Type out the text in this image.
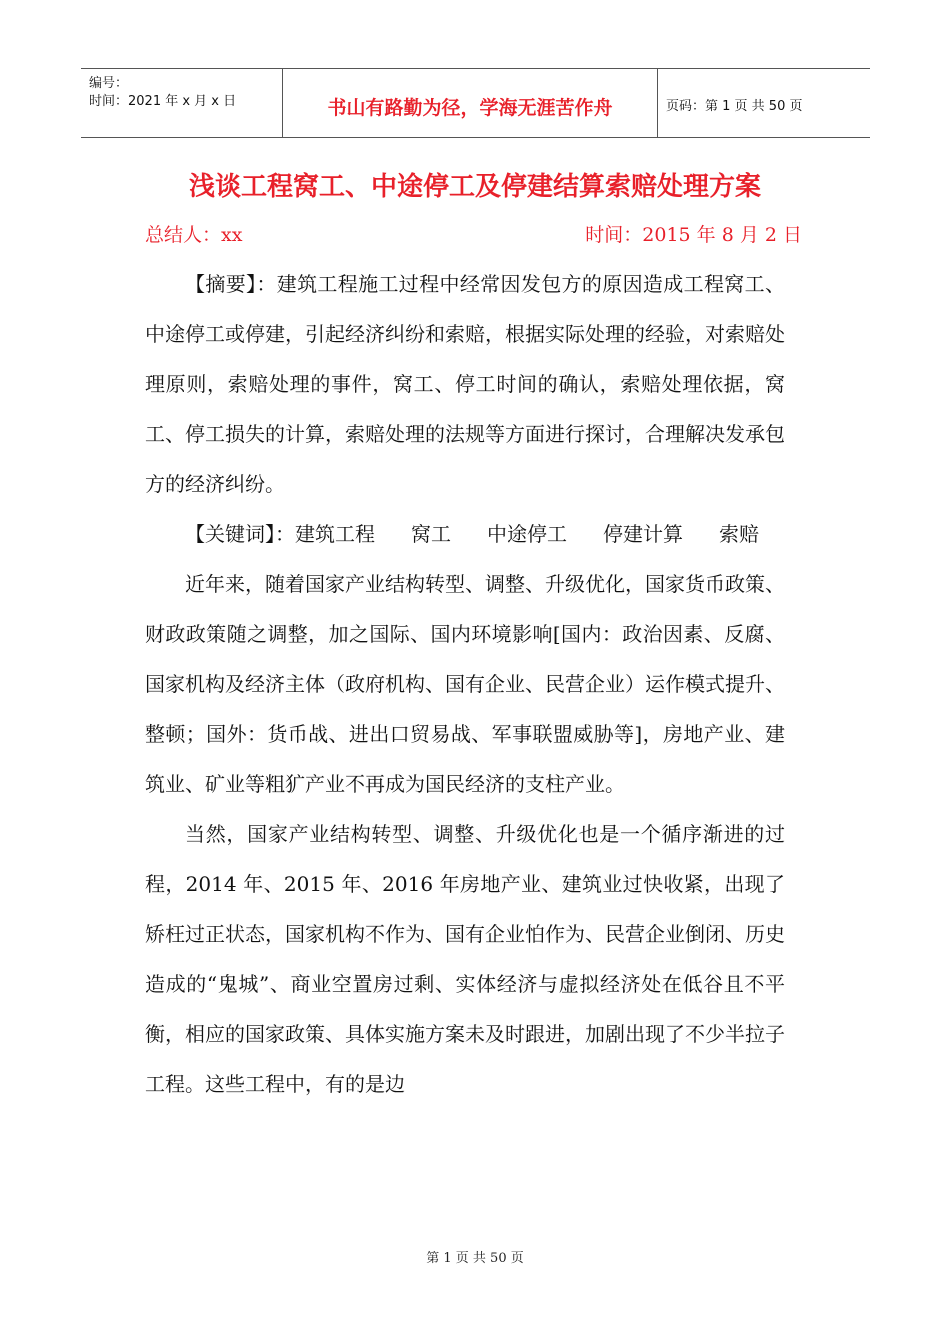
编号：
时间：2021 年 x 月 x 日	书山有路勤为径，学海无涯苦作舟	页码：第 1 页 共 50 页
浅谈工程窝工、中途停工及停建结算索赔处理方案
总结人：xx	时间：2015 年 8 月 2 日

【摘要】：建筑工程施工过程中经常因发包方的原因造成工程窝工、中途停工或停建，引起经济纠纷和索赔，根据实际处理的经验，对索赔处理原则，索赔处理的事件，窝工、停工时间的确认，索赔处理依据，窝工、停工损失的计算，索赔处理的法规等方面进行探讨，合理解决发承包方的经济纠纷。

【关键词】：建筑工程 窝工 中途停工 停建计算 索赔

近年来，随着国家产业结构转型、调整、升级优化，国家货币政策、财政政策随之调整，加之国际、国内环境影响[国内：政治因素、反腐、国家机构及经济主体（政府机构、国有企业、民营企业）运作模式提升、整顿；国外：货币战、进出口贸易战、军事联盟威胁等]，房地产业、建筑业、矿业等粗犷产业不再成为国民经济的支柱产业。

当然，国家产业结构转型、调整、升级优化也是一个循序渐进的过程，2014 年、2015 年、2016 年房地产业、建筑业过快收紧，出现了矫枉过正状态，国家机构不作为、国有企业怕作为、民营企业倒闭、历史造成的“鬼城”、商业空置房过剩、实体经济与虚拟经济处在低谷且不平衡，相应的国家政策、具体实施方案未及时跟进，加剧出现了不少半拉子工程。这些工程中，有的是边

第 1 页 共 50 页
